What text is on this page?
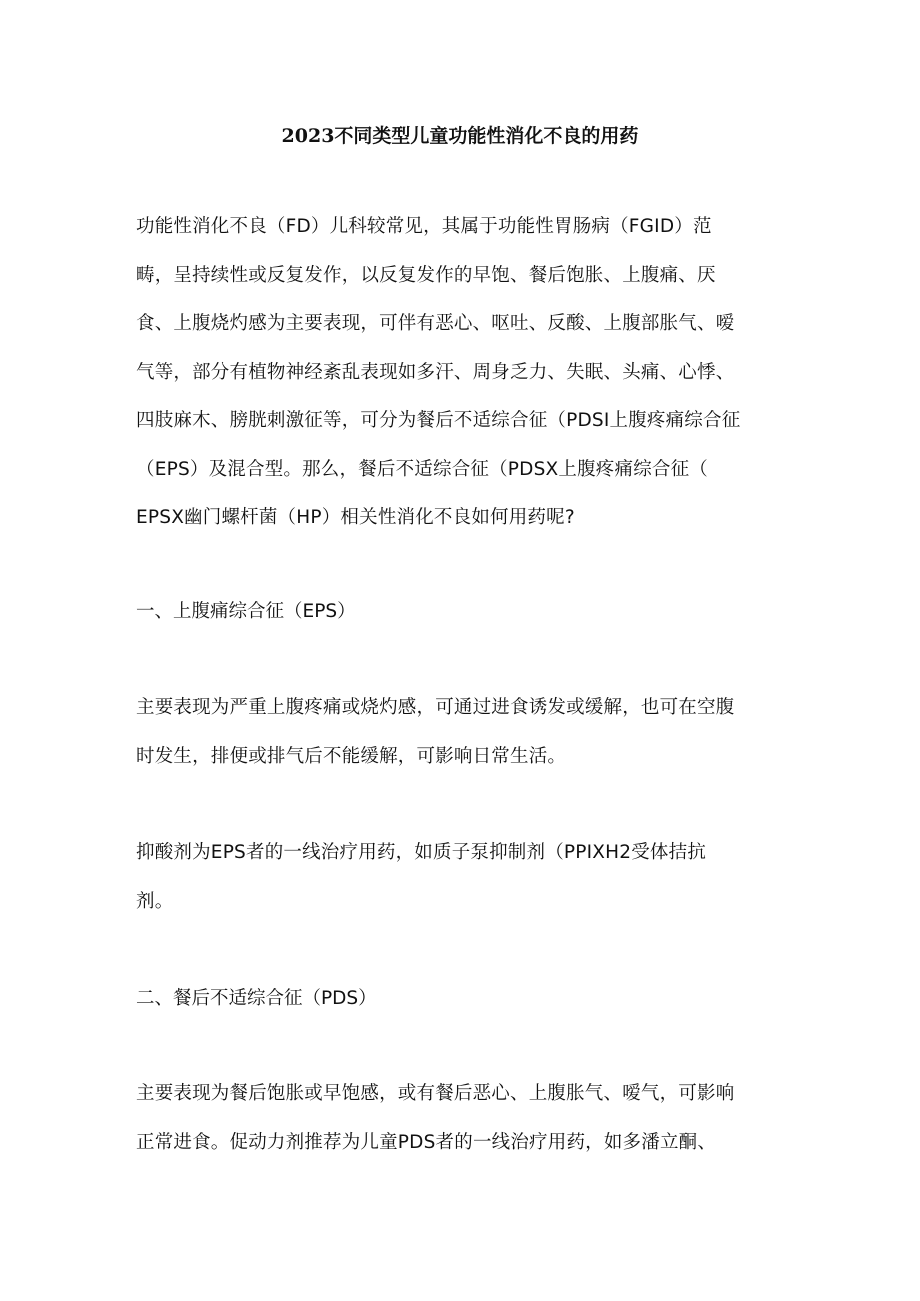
2023不同类型儿童功能性消化不良的用药

功能性消化不良（FD）儿科较常见，其属于功能性胃肠病（FGID）范
畴，呈持续性或反复发作，以反复发作的早饱、餐后饱胀、上腹痛、厌
食、上腹烧灼感为主要表现，可伴有恶心、呕吐、反酸、上腹部胀气、嗳
气等，部分有植物神经紊乱表现如多汗、周身乏力、失眠、头痛、心悸、
四肢麻木、膀胱刺激征等，可分为餐后不适综合征（PDSI上腹疼痛综合征
（EPS）及混合型。那么，餐后不适综合征（PDSX上腹疼痛综合征（
EPSX幽门螺杆菌（HP）相关性消化不良如何用药呢?

一、上腹痛综合征（EPS）

主要表现为严重上腹疼痛或烧灼感，可通过进食诱发或缓解，也可在空腹
时发生，排便或排气后不能缓解，可影响日常生活。

抑酸剂为EPS者的一线治疗用药，如质子泵抑制剂（PPIXH2受体拮抗
剂。

二、餐后不适综合征（PDS）

主要表现为餐后饱胀或早饱感，或有餐后恶心、上腹胀气、嗳气，可影响
正常进食。促动力剂推荐为儿童PDS者的一线治疗用药，如多潘立酮、
